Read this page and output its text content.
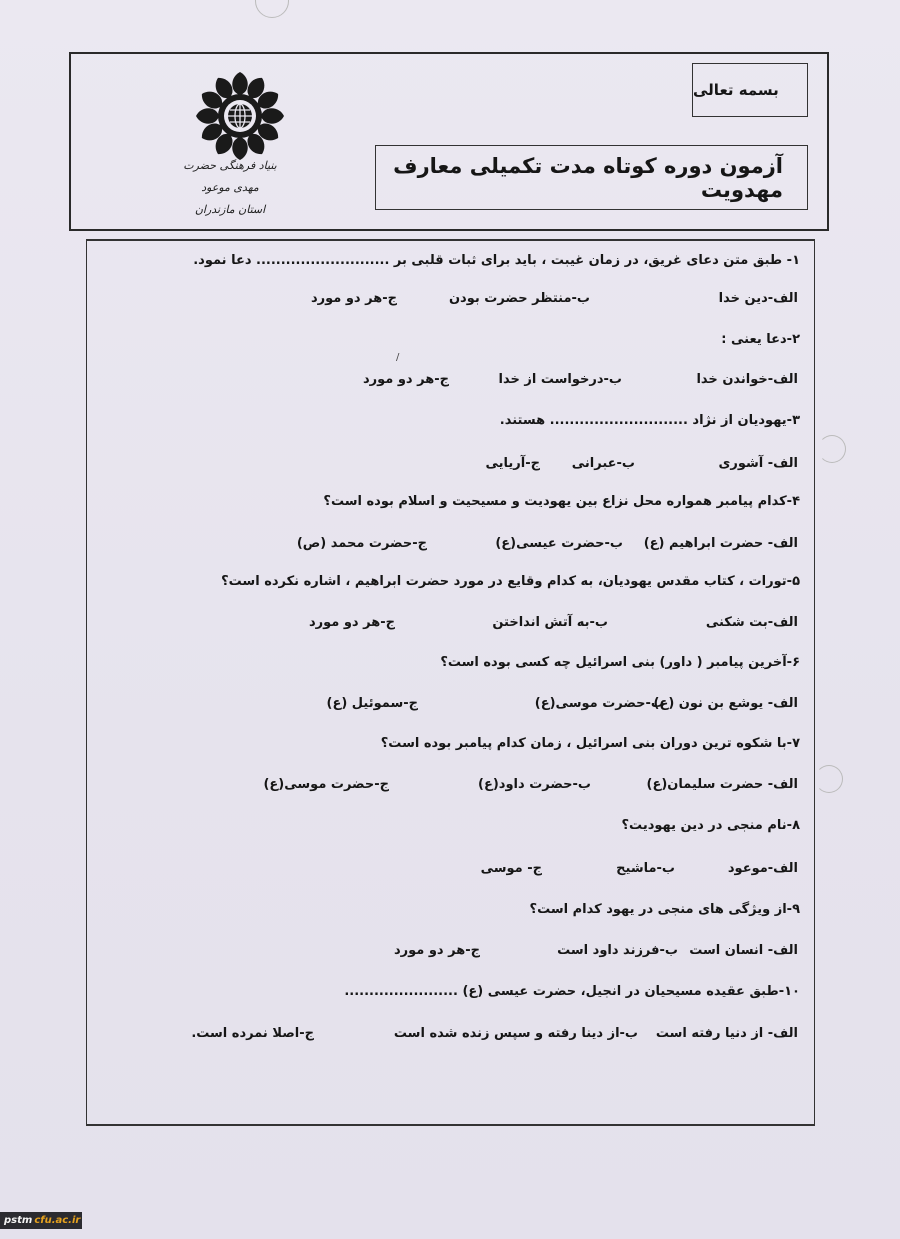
بسمه تعالی
آزمون دوره کوتاه مدت تکمیلی معارف مهدویت
بنیاد فرهنگی حضرت مهدی موعود
استان مازندران
۱- طبق متن دعای غریق، در زمان غیبت ، باید برای ثبات قلبی بر ........................... دعا نمود.
الف-دین خدا
ب-منتظر حضرت بودن
ج-هر دو مورد
۲-دعا یعنی :
/
الف-خواندن خدا
ب-درخواست از خدا
ج-هر دو مورد
۳-یهودیان از نژاد ............................ هستند.
الف- آشوری
ب-عبرانی
ج-آریایی
۴-کدام پیامبر همواره محل نزاع بین یهودیت و مسیحیت و اسلام بوده است؟
الف- حضرت ابراهیم (ع)
ب-حضرت عیسی(ع)
ج-حضرت محمد (ص)
۵-تورات ، کتاب مقدس یهودیان، به کدام وقایع در مورد حضرت ابراهیم ، اشاره نکرده است؟
الف-بت شکنی
ب-به آتش انداختن
ج-هر دو مورد
۶-آخرین پیامبر ( داور) بنی اسرائیل چه کسی بوده است؟
الف- یوشع بن نون (ع)
ب-حضرت موسی(ع)
ج-سموئیل (ع)
۷-با شکوه ترین دوران بنی اسرائیل ، زمان کدام پیامبر بوده است؟
الف- حضرت سلیمان(ع)
ب-حضرت داود(ع)
ج-حضرت موسی(ع)
۸-نام منجی در دین یهودیت؟
الف-موعود
ب-ماشیح
ج- موسی
۹-از ویژگی های منجی در یهود کدام است؟
الف- انسان است
ب-فرزند داود است
ج-هر دو مورد
۱۰-طبق عقیده مسیحیان در انجیل، حضرت عیسی (ع) .......................
الف- از دنیا رفته است
ب-از دینا رفته و سپس زنده شده است
ج-اصلا نمرده است.
pstm cfu.ac.ir
